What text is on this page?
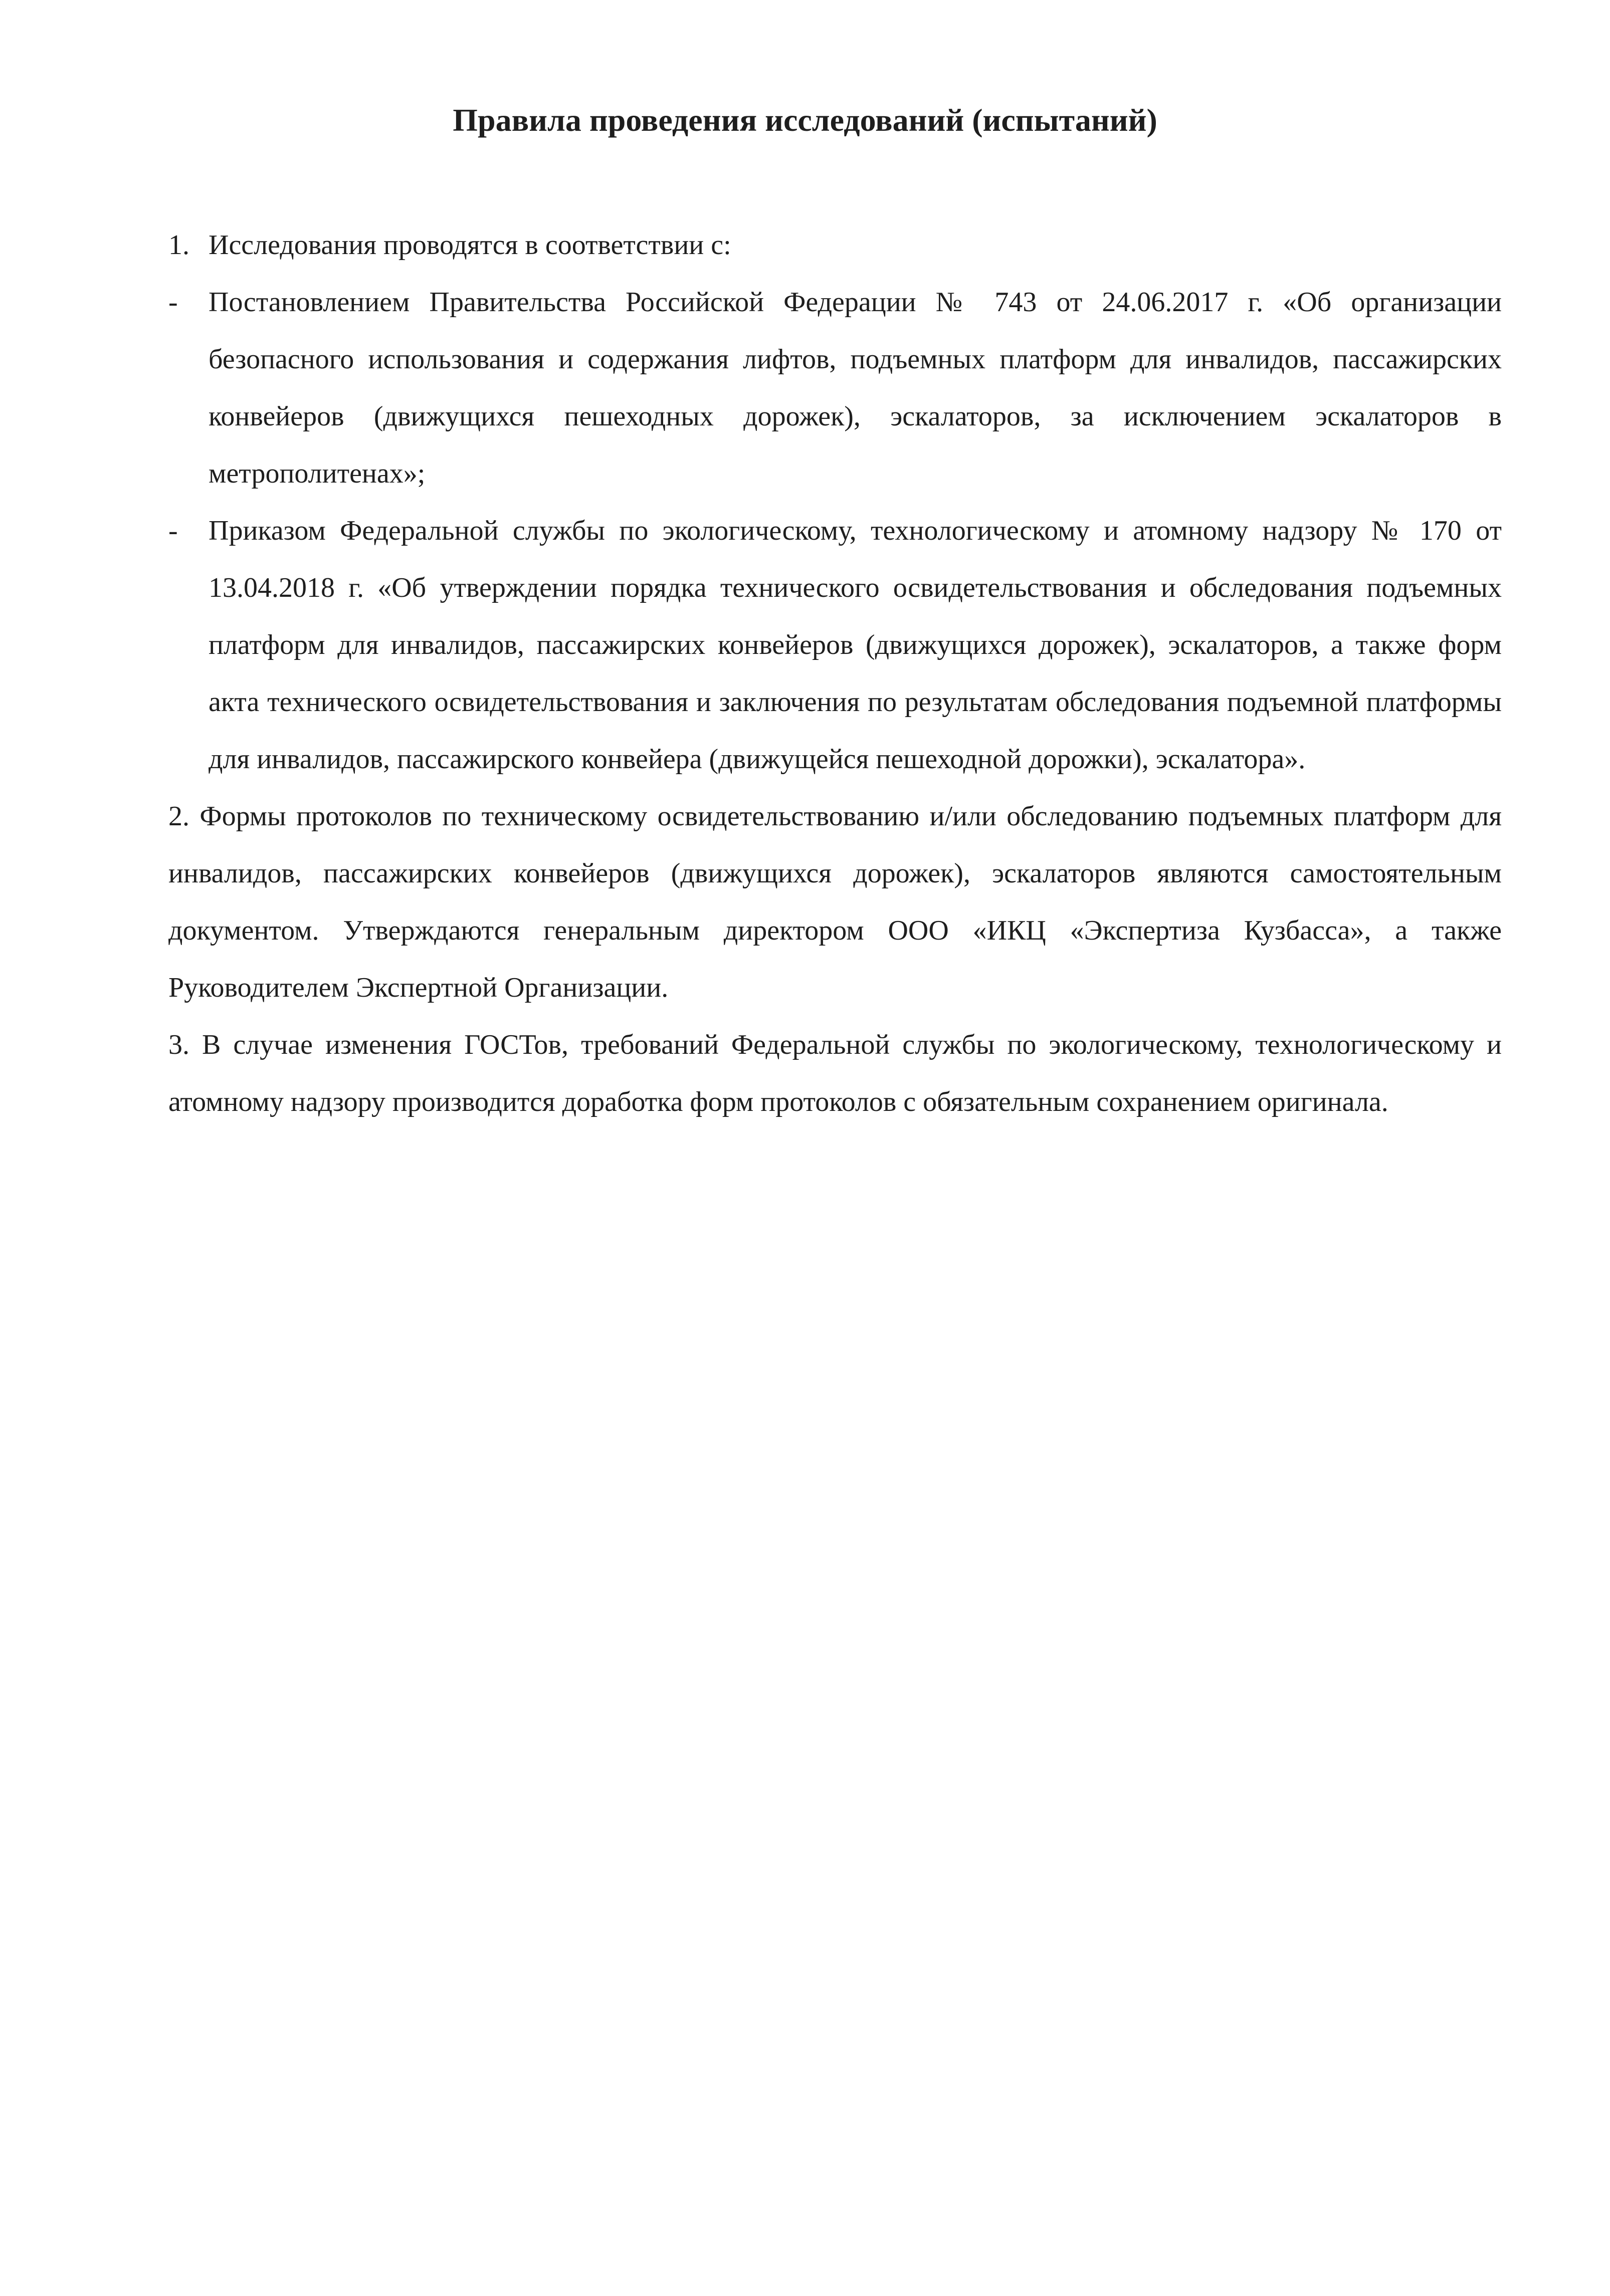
Правила проведения исследований (испытаний)

1. Исследования проводятся в соответствии с:

- Постановлением Правительства Российской Федерации № 743 от 24.06.2017 г. «Об организации безопасного использования и содержания лифтов, подъемных платформ для инвалидов, пассажирских конвейеров (движущихся пешеходных дорожек), эскалаторов, за исключением эскалаторов в метрополитенах»;

- Приказом Федеральной службы по экологическому, технологическому и атомному надзору № 170 от 13.04.2018 г. «Об утверждении порядка технического освидетельствования и обследования подъемных платформ для инвалидов, пассажирских конвейеров (движущихся дорожек), эскалаторов, а также форм акта технического освидетельствования и заключения по результатам обследования подъемной платформы для инвалидов, пассажирского конвейера (движущейся пешеходной дорожки), эскалатора».

2. Формы протоколов по техническому освидетельствованию и/или обследованию подъемных платформ для инвалидов, пассажирских конвейеров (движущихся дорожек), эскалаторов являются самостоятельным документом. Утверждаются генеральным директором ООО «ИКЦ «Экспертиза Кузбасса», а также Руководителем Экспертной Организации.

3. В случае изменения ГОСТов, требований Федеральной службы по экологическому, технологическому и атомному надзору производится доработка форм протоколов с обязательным сохранением оригинала.
